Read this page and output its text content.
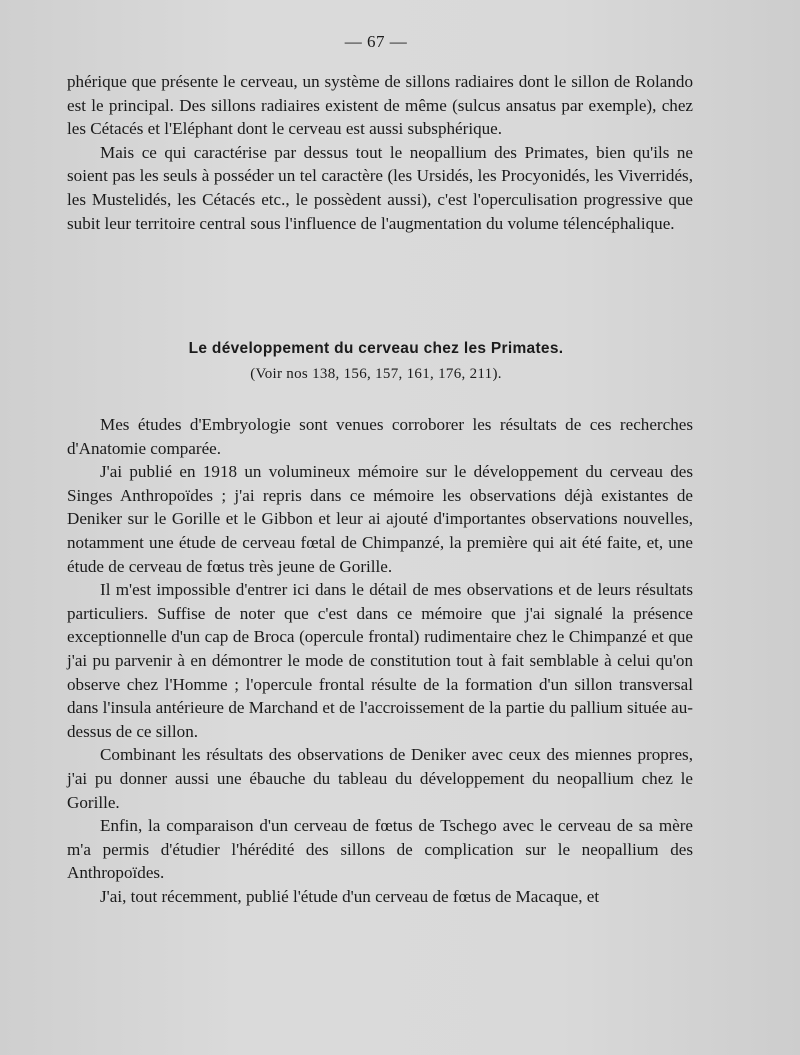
— 67 —

phérique que présente le cerveau, un système de sillons radiaires dont le sillon de Rolando est le principal. Des sillons radiaires existent de même (sulcus ansatus par exemple), chez les Cétacés et l'Eléphant dont le cerveau est aussi subsphérique.

Mais ce qui caractérise par dessus tout le neopallium des Primates, bien qu'ils ne soient pas les seuls à posséder un tel caractère (les Ursidés, les Procyonidés, les Viverridés, les Mustelidés, les Cétacés etc., le possèdent aussi), c'est l'operculisation progressive que subit leur territoire central sous l'influence de l'augmentation du volume télencéphalique.

Le développement du cerveau chez les Primates.
(Voir nos 138, 156, 157, 161, 176, 211).

Mes études d'Embryologie sont venues corroborer les résultats de ces recherches d'Anatomie comparée.

J'ai publié en 1918 un volumineux mémoire sur le développement du cerveau des Singes Anthropoïdes ; j'ai repris dans ce mémoire les observations déjà existantes de Deniker sur le Gorille et le Gibbon et leur ai ajouté d'importantes observations nouvelles, notamment une étude de cerveau fœtal de Chimpanzé, la première qui ait été faite, et, une étude de cerveau de fœtus très jeune de Gorille.

Il m'est impossible d'entrer ici dans le détail de mes observations et de leurs résultats particuliers. Suffise de noter que c'est dans ce mémoire que j'ai signalé la présence exceptionnelle d'un cap de Broca (opercule frontal) rudimentaire chez le Chimpanzé et que j'ai pu parvenir à en démontrer le mode de constitution tout à fait semblable à celui qu'on observe chez l'Homme ; l'opercule frontal résulte de la formation d'un sillon transversal dans l'insula antérieure de Marchand et de l'accroissement de la partie du pallium située au-dessus de ce sillon.

Combinant les résultats des observations de Deniker avec ceux des miennes propres, j'ai pu donner aussi une ébauche du tableau du développement du neopallium chez le Gorille.

Enfin, la comparaison d'un cerveau de fœtus de Tschego avec le cerveau de sa mère m'a permis d'étudier l'hérédité des sillons de complication sur le neopallium des Anthropoïdes.

J'ai, tout récemment, publié l'étude d'un cerveau de fœtus de Macaque, et
